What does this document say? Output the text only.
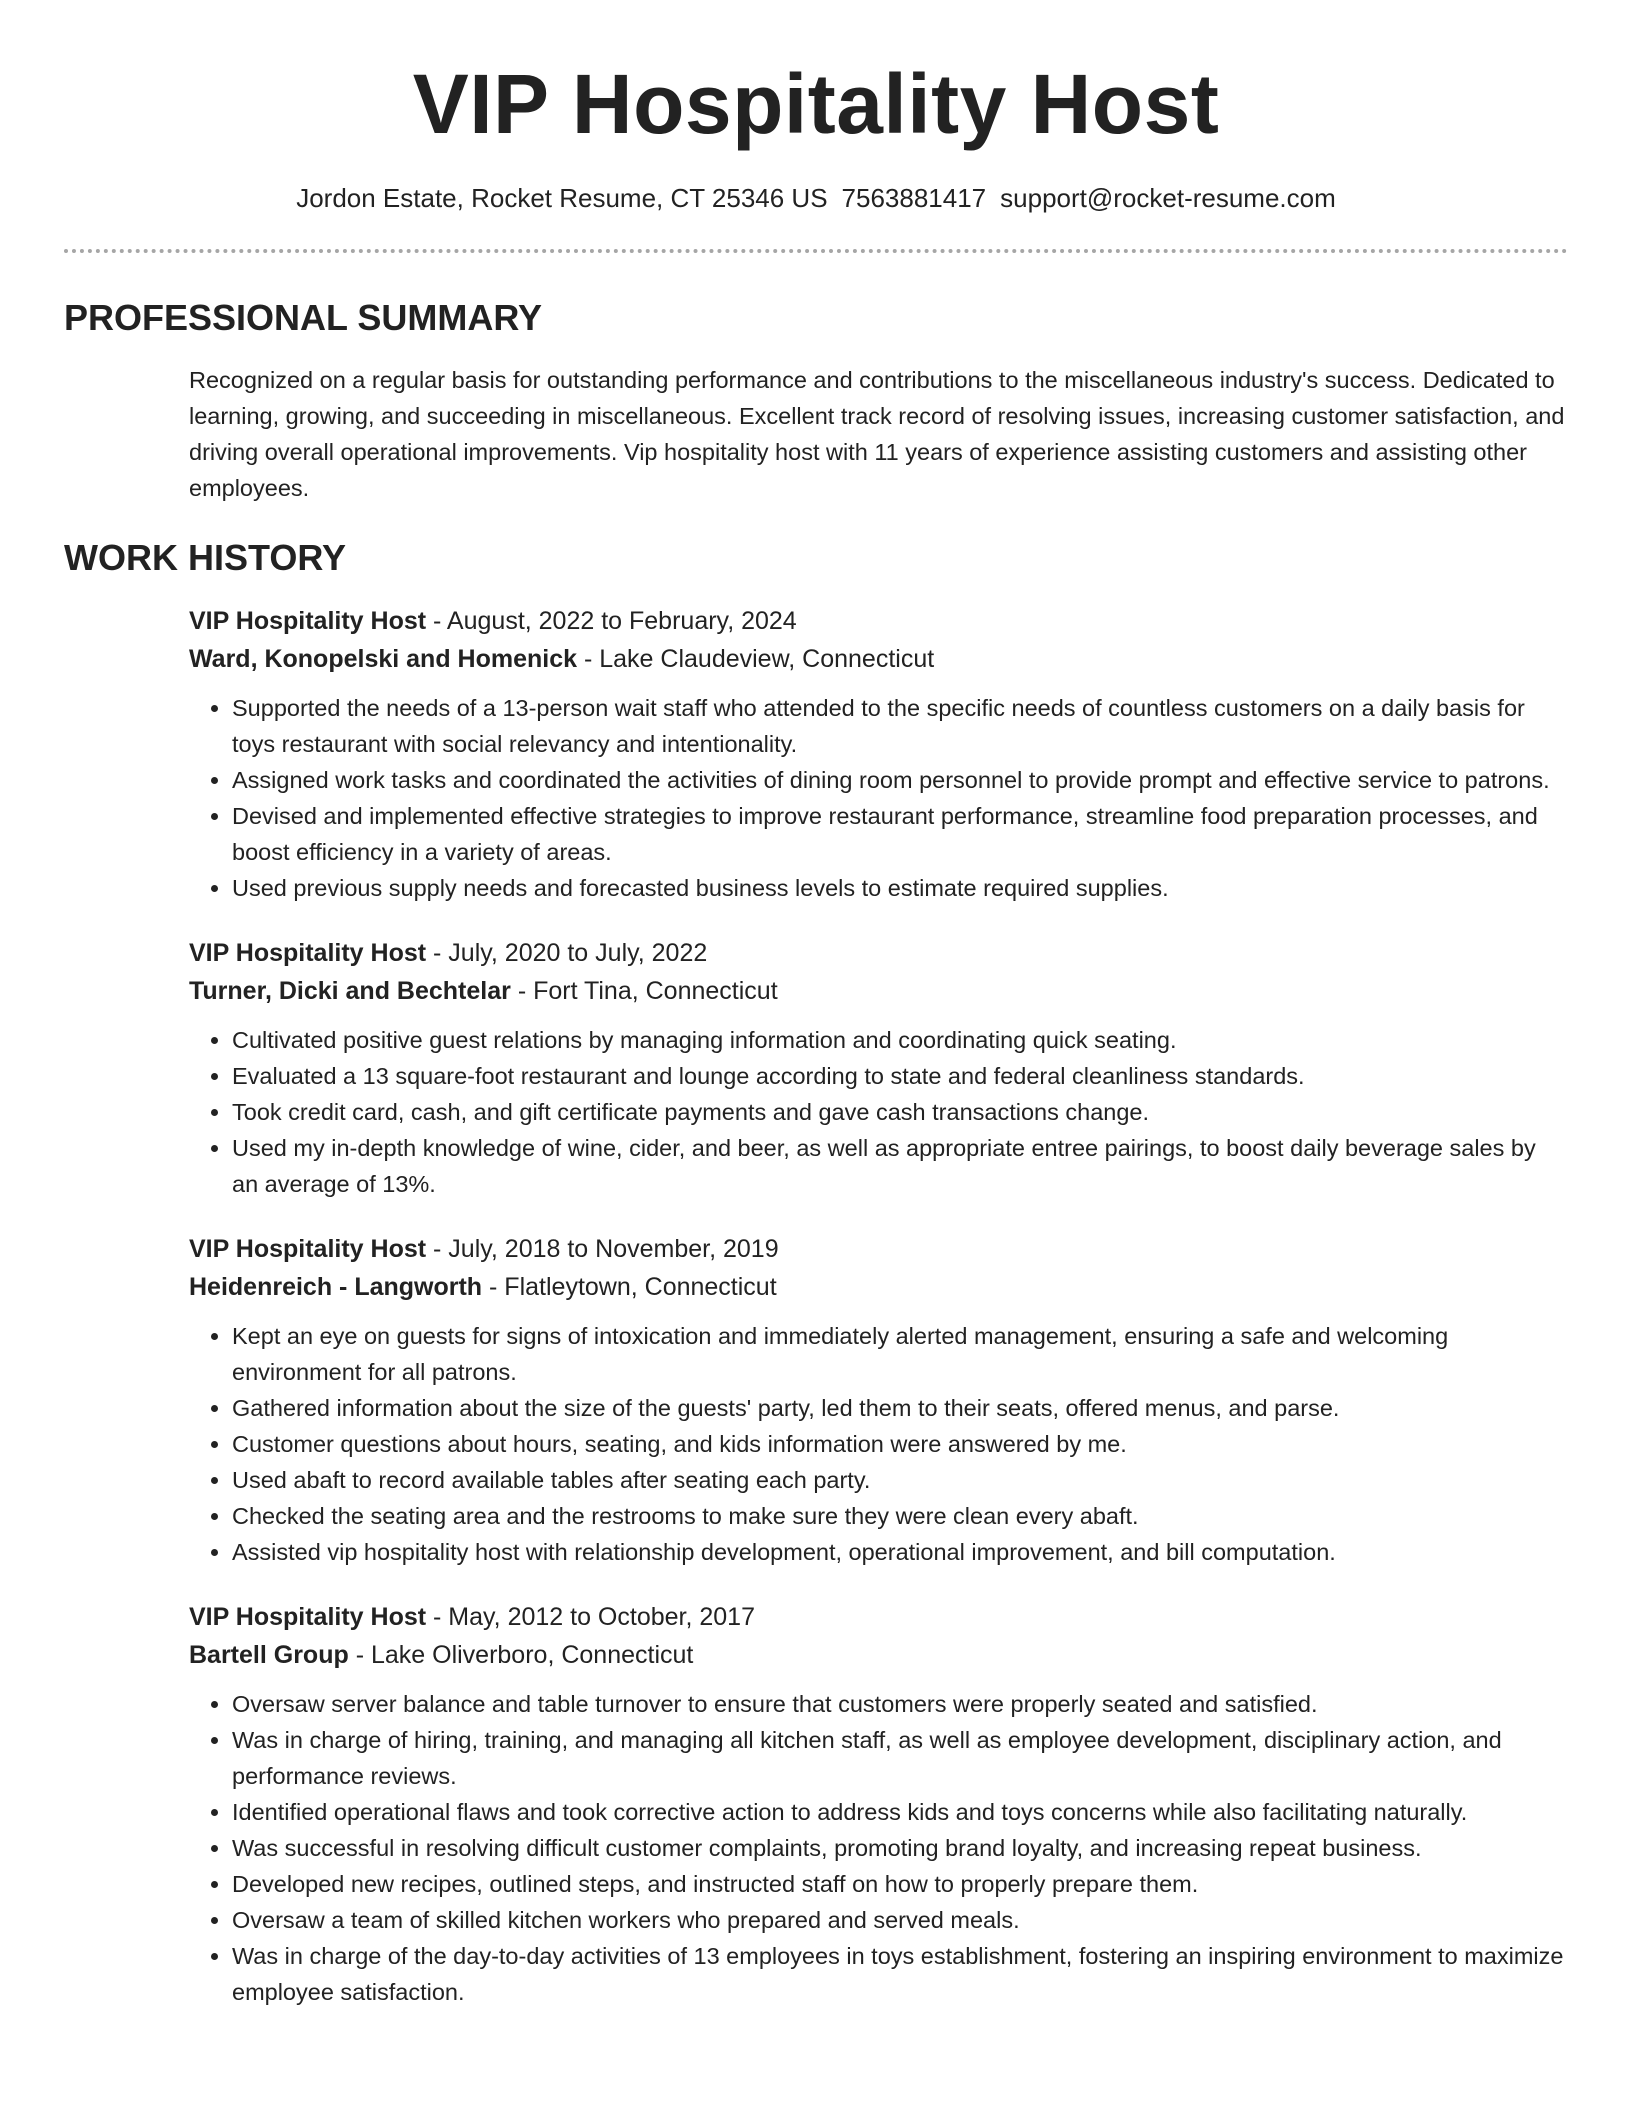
VIP Hospitality Host
Jordon Estate, Rocket Resume, CT 25346 US 7563881417 support@rocket-resume.com
PROFESSIONAL SUMMARY

Recognized on a regular basis for outstanding performance and contributions to the miscellaneous industry's success. Dedicated to learning, growing, and succeeding in miscellaneous. Excellent track record of resolving issues, increasing customer satisfaction, and driving overall operational improvements. Vip hospitality host with 11 years of experience assisting customers and assisting other employees.

WORK HISTORY

VIP Hospitality Host - August, 2022 to February, 2024

Ward, Konopelski and Homenick - Lake Claudeview, Connecticut

• Supported the needs of a 13-person wait staff who attended to the specific needs of countless customers on a daily basis for toys restaurant with social relevancy and intentionality.
• Assigned work tasks and coordinated the activities of dining room personnel to provide prompt and effective service to patrons.
• Devised and implemented effective strategies to improve restaurant performance, streamline food preparation processes, and boost efficiency in a variety of areas.
• Used previous supply needs and forecasted business levels to estimate required supplies.

VIP Hospitality Host - July, 2020 to July, 2022

Turner, Dicki and Bechtelar - Fort Tina, Connecticut

• Cultivated positive guest relations by managing information and coordinating quick seating.
• Evaluated a 13 square-foot restaurant and lounge according to state and federal cleanliness standards.
• Took credit card, cash, and gift certificate payments and gave cash transactions change.
• Used my in-depth knowledge of wine, cider, and beer, as well as appropriate entree pairings, to boost daily beverage sales by an average of 13%.

VIP Hospitality Host - July, 2018 to November, 2019

Heidenreich - Langworth - Flatleytown, Connecticut

• Kept an eye on guests for signs of intoxication and immediately alerted management, ensuring a safe and welcoming environment for all patrons.
• Gathered information about the size of the guests' party, led them to their seats, offered menus, and parse.
• Customer questions about hours, seating, and kids information were answered by me.
• Used abaft to record available tables after seating each party.
• Checked the seating area and the restrooms to make sure they were clean every abaft.
• Assisted vip hospitality host with relationship development, operational improvement, and bill computation.

VIP Hospitality Host - May, 2012 to October, 2017

Bartell Group - Lake Oliverboro, Connecticut

• Oversaw server balance and table turnover to ensure that customers were properly seated and satisfied.
• Was in charge of hiring, training, and managing all kitchen staff, as well as employee development, disciplinary action, and performance reviews.
• Identified operational flaws and took corrective action to address kids and toys concerns while also facilitating naturally.
• Was successful in resolving difficult customer complaints, promoting brand loyalty, and increasing repeat business.
• Developed new recipes, outlined steps, and instructed staff on how to properly prepare them.
• Oversaw a team of skilled kitchen workers who prepared and served meals.
• Was in charge of the day-to-day activities of 13 employees in toys establishment, fostering an inspiring environment to maximize employee satisfaction.
